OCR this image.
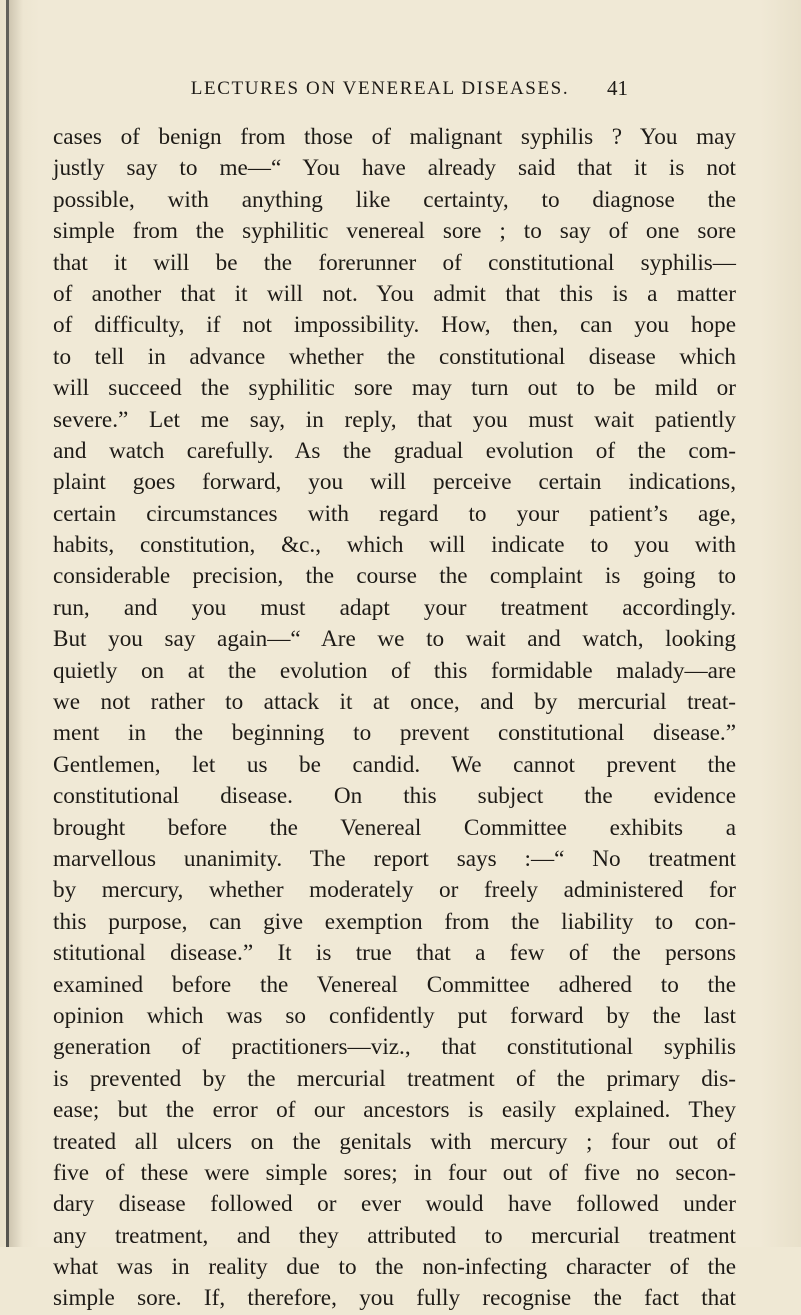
LECTURES ON VENEREAL DISEASES.	41
cases of benign from those of malignant syphilis ? You may
justly say to me—“ You have already said that it is not
possible, with anything like certainty, to diagnose the
simple from the syphilitic venereal sore ; to say of one sore
that it will be the forerunner of constitutional syphilis—
of another that it will not. You admit that this is a matter
of difficulty, if not impossibility. How, then, can you hope
to tell in advance whether the constitutional disease which
will succeed the syphilitic sore may turn out to be mild or
severe.” Let me say, in reply, that you must wait patiently
and watch carefully. As the gradual evolution of the com-
plaint goes forward, you will perceive certain indications,
certain circumstances with regard to your patient’s age,
habits, constitution, &c., which will indicate to you with
considerable precision, the course the complaint is going to
run, and you must adapt your treatment accordingly.
But you say again—“ Are we to wait and watch, looking
quietly on at the evolution of this formidable malady—are
we not rather to attack it at once, and by mercurial treat-
ment in the beginning to prevent constitutional disease.”
Gentlemen, let us be candid. We cannot prevent the
constitutional disease. On this subject the evidence
brought before the Venereal Committee exhibits a
marvellous unanimity. The report says :—“ No treatment
by mercury, whether moderately or freely administered for
this purpose, can give exemption from the liability to con-
stitutional disease.” It is true that a few of the persons
examined before the Venereal Committee adhered to the
opinion which was so confidently put forward by the last
generation of practitioners—viz., that constitutional syphilis
is prevented by the mercurial treatment of the primary dis-
ease; but the error of our ancestors is easily explained. They
treated all ulcers on the genitals with mercury ; four out of
five of these were simple sores; in four out of five no secon-
dary disease followed or ever would have followed under
any treatment, and they attributed to mercurial treatment
what was in reality due to the non-infecting character of the
simple sore. If, therefore, you fully recognise the fact that
